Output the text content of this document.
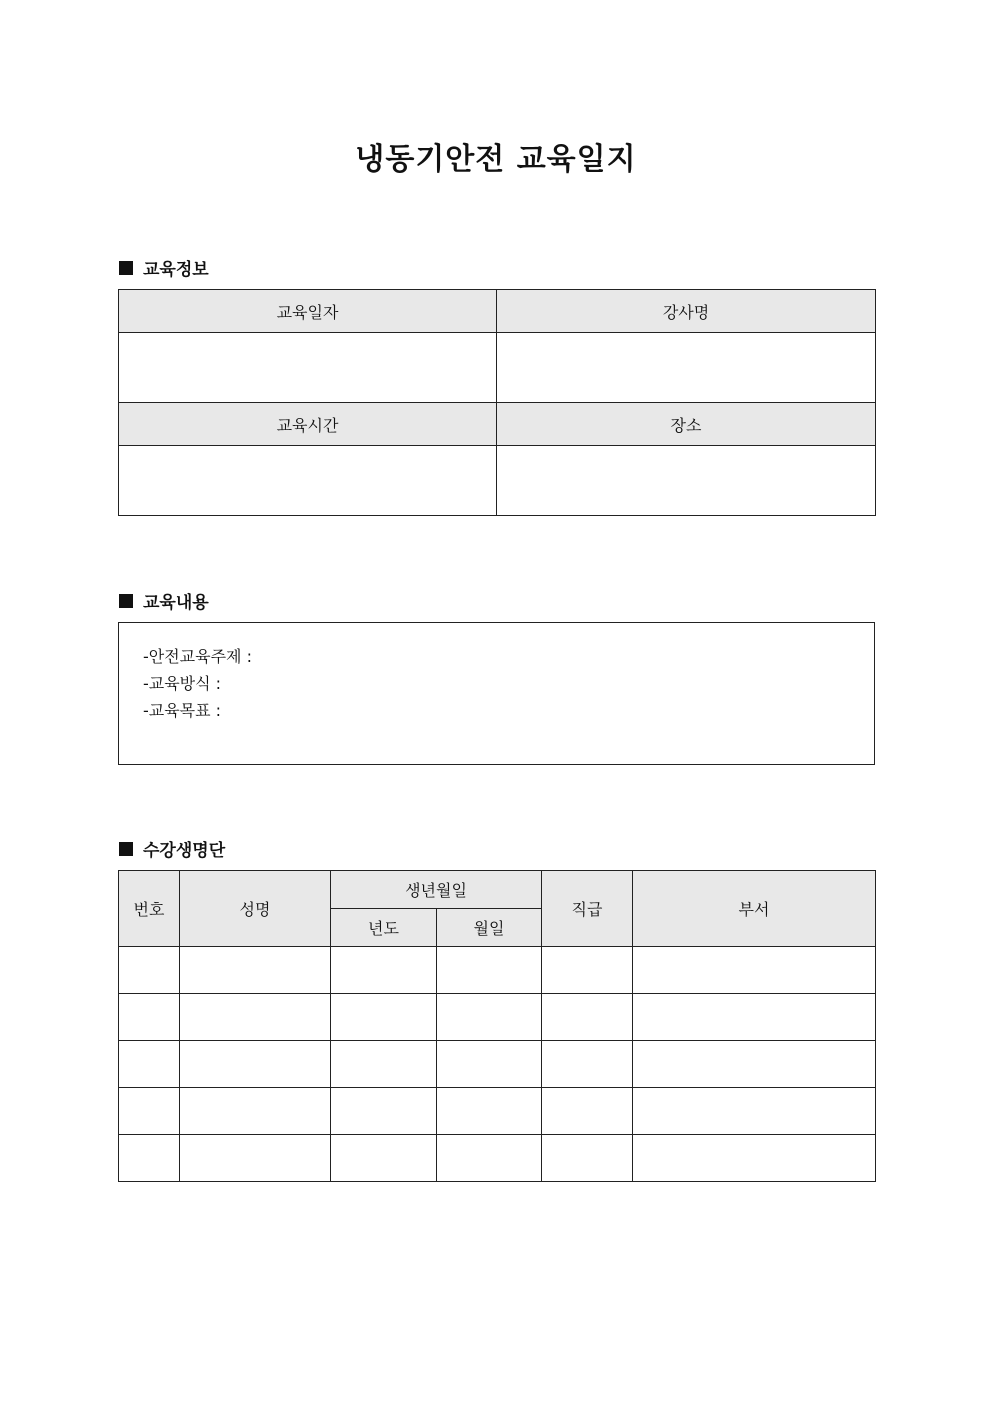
냉동기안전 교육일지
교육정보
교육일자	강사명

교육시간	장소

교육내용
-안전교육주제 :
-교육방식 :
-교육목표 :
수강생명단
번호	성명	생년월일		직급	부서
		년도	월일		
